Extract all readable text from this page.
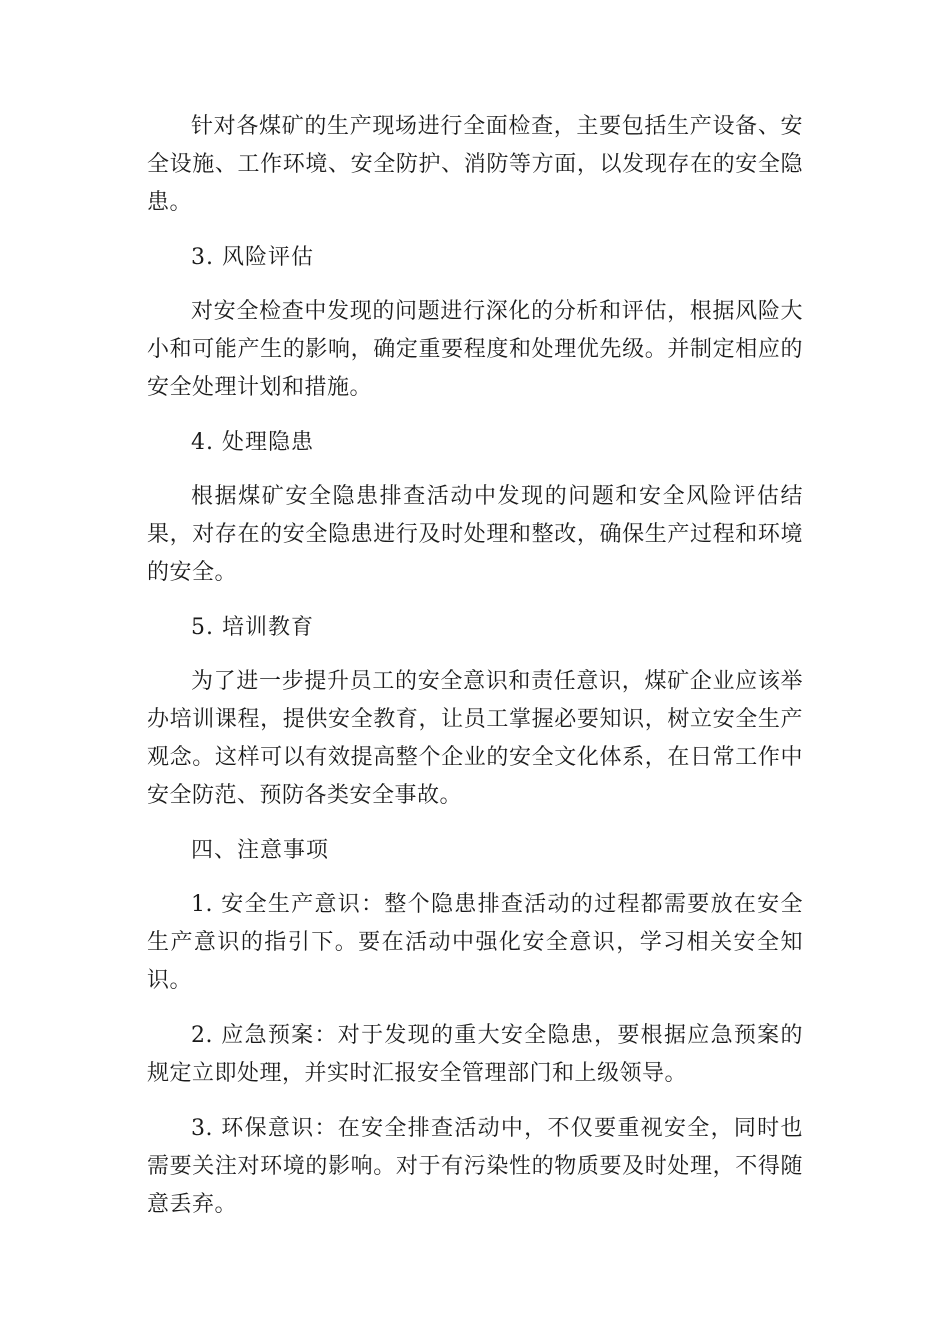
针对各煤矿的生产现场进行全面检查，主要包括生产设备、安全设施、工作环境、安全防护、消防等方面，以发现存在的安全隐患。

3. 风险评估

对安全检查中发现的问题进行深化的分析和评估，根据风险大小和可能产生的影响，确定重要程度和处理优先级。并制定相应的安全处理计划和措施。

4. 处理隐患

根据煤矿安全隐患排查活动中发现的问题和安全风险评估结果，对存在的安全隐患进行及时处理和整改，确保生产过程和环境的安全。

5. 培训教育

为了进一步提升员工的安全意识和责任意识，煤矿企业应该举办培训课程，提供安全教育，让员工掌握必要知识，树立安全生产观念。这样可以有效提高整个企业的安全文化体系，在日常工作中安全防范、预防各类安全事故。

四、注意事项

1. 安全生产意识：整个隐患排查活动的过程都需要放在安全生产意识的指引下。要在活动中强化安全意识，学习相关安全知识。

2. 应急预案：对于发现的重大安全隐患，要根据应急预案的规定立即处理，并实时汇报安全管理部门和上级领导。

3. 环保意识：在安全排查活动中，不仅要重视安全，同时也需要关注对环境的影响。对于有污染性的物质要及时处理，不得随意丢弃。
